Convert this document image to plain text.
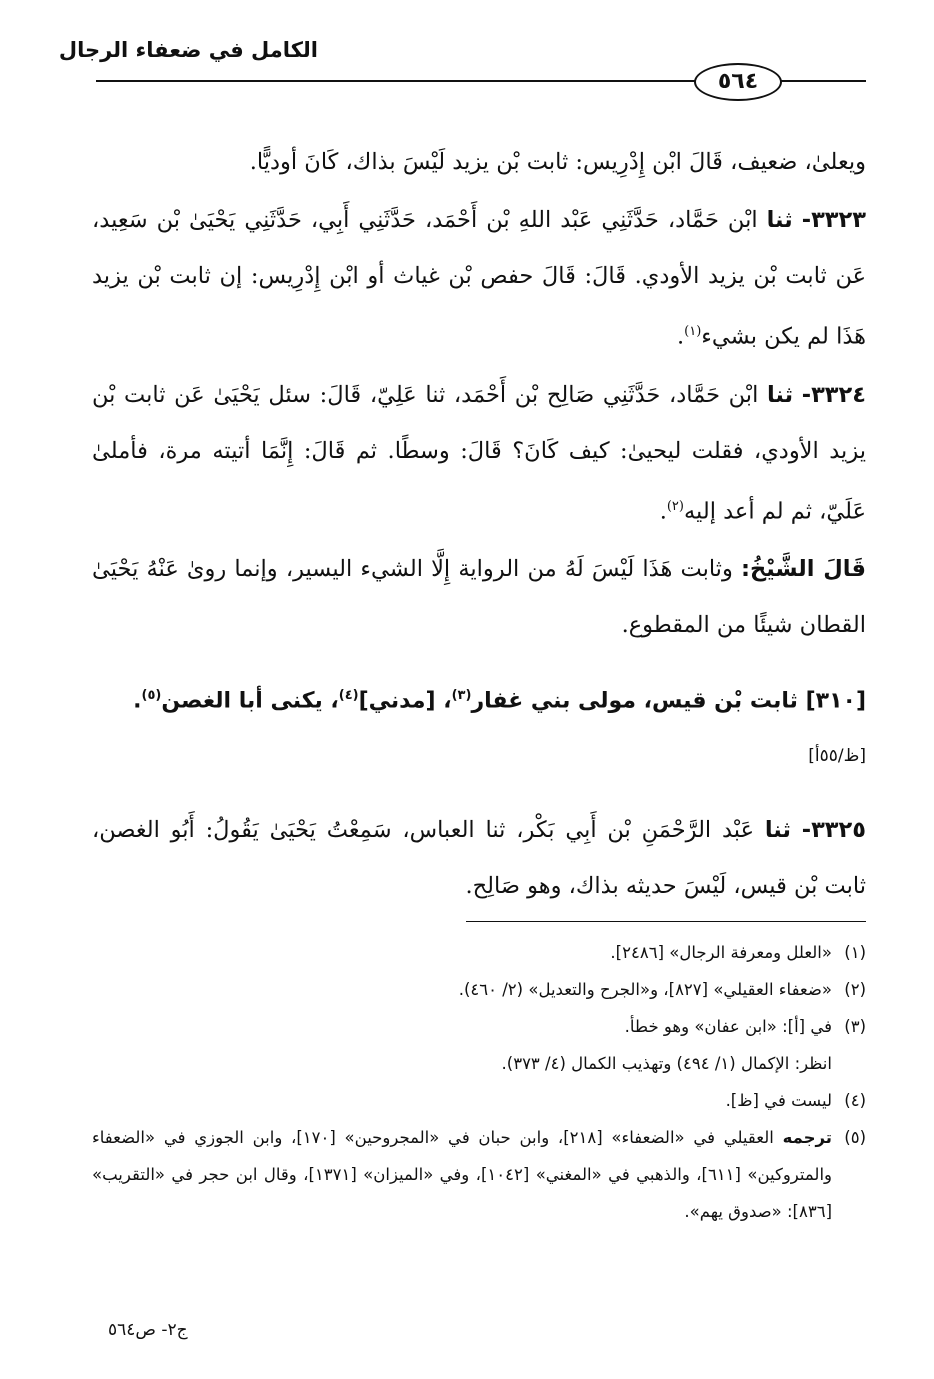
الكامل في ضعفاء الرجال
٥٦٤

ويعلىٰ، ضعيف، قَالَ ابْن إِدْرِيس: ثابت بْن يزيد لَيْسَ بذاك، كَانَ أوديًّا.

٣٣٢٣- ثنا ابْن حَمَّاد، حَدَّثَنِي عَبْد اللهِ بْن أَحْمَد، حَدَّثَنِي أَبِي، حَدَّثَنِي يَحْيَىٰ بْن سَعِيد، عَن ثابت بْن يزيد الأودي. قَالَ: قَالَ حفص بْن غياث أو ابْن إِدْرِيس: إن ثابت بْن يزيد هَذَا لم يكن بشيء$^{(١)}$.

٣٣٢٤- ثنا ابْن حَمَّاد، حَدَّثَنِي صَالِح بْن أَحْمَد، ثنا عَلِيّ، قَالَ: سئل يَحْيَىٰ عَن ثابت بْن يزيد الأودي، فقلت ليحيىٰ: كيف كَانَ؟ قَالَ: وسطًا. ثم قَالَ: إِنَّمَا أتيته مرة، فأملىٰ عَلَيّ، ثم لم أعد إليه$^{(٢)}$.

قَالَ الشَّيْخُ: وثابت هَذَا لَيْسَ لَهُ من الرواية إِلَّا الشيء اليسير، وإنما روىٰ عَنْهُ يَحْيَىٰ القطان شيئًا من المقطوع.

[٣١٠] ثابت بْن قيس، مولى بني غفار$^{(٣)}$، [مدني]$^{(٤)}$، يكنى أبا الغصن$^{(٥)}$.
[ظ/٥٥أ]

٣٣٢٥- ثنا عَبْد الرَّحْمَنِ بْن أَبِي بَكْر، ثنا العباس، سَمِعْتُ يَحْيَىٰ يَقُولُ: أَبُو الغصن، ثابت بْن قيس، لَيْسَ حديثه بذاك، وهو صَالِح.

(١)
«العلل ومعرفة الرجال» [٢٤٨٦].

(٢)
«ضعفاء العقيلي» [٨٢٧]، و«الجرح والتعديل» (٢/ ٤٦٠).

(٣)
في [أ]: «ابن عفان» وهو خطأ.

انظر: الإكمال (١/ ٤٩٤) وتهذيب الكمال (٤/ ٣٧٣).

(٤)
ليست في [ظ].

(٥)
ترجمه العقيلي في «الضعفاء» [٢١٨]، وابن حبان في «المجروحين» [١٧٠]، وابن الجوزي في «الضعفاء والمتروكين» [٦١١]، والذهبي في «المغني» [١٠٤٢]، وفي «الميزان» [١٣٧١]، وقال ابن حجر في «التقريب» [٨٣٦]: «صدوق يهم».

ج٢- ص٥٦٤
